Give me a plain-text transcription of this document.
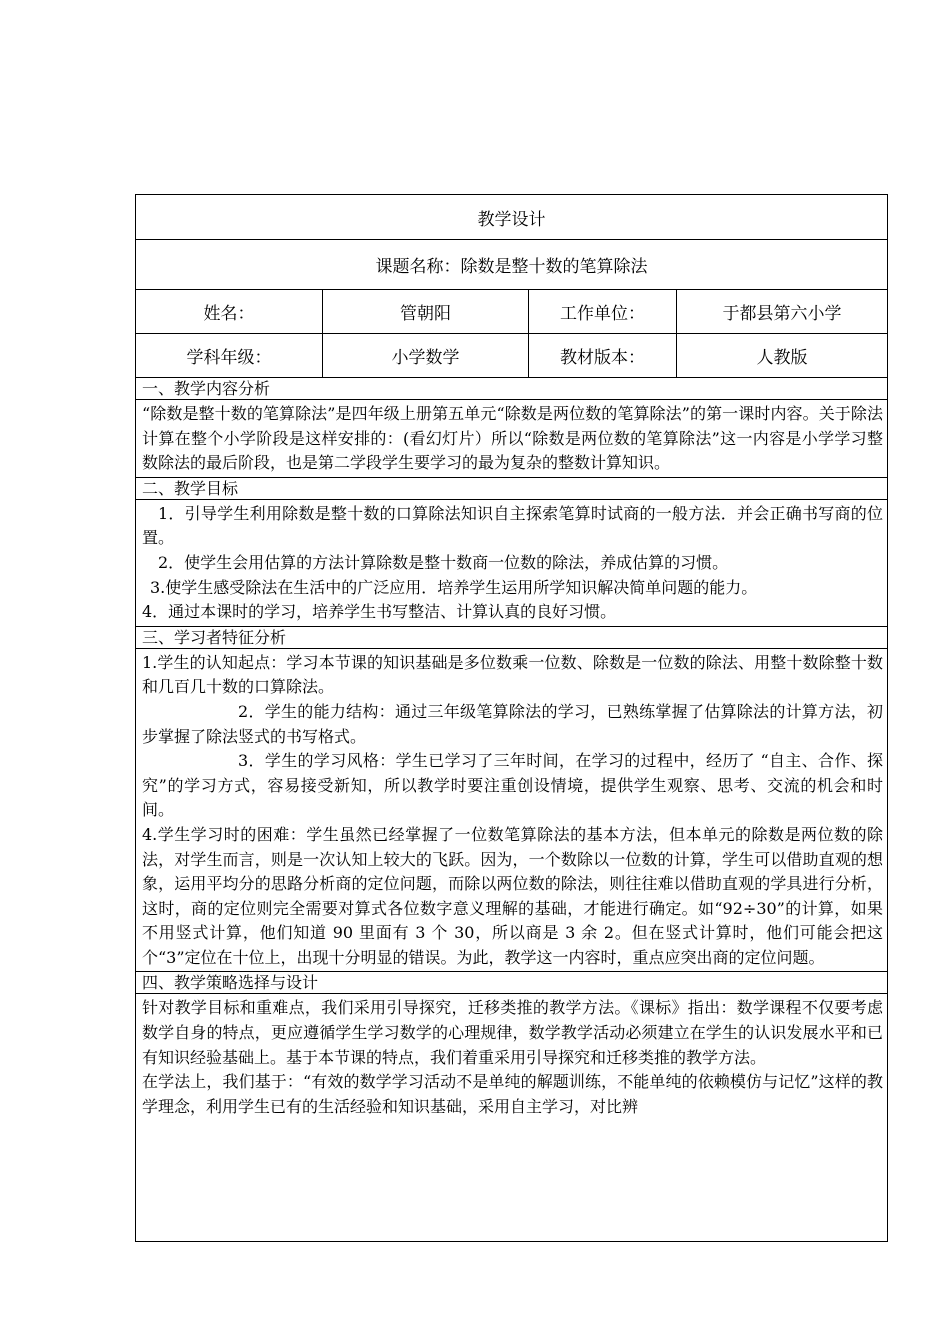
教学设计			
课题名称：除数是整十数的笔算除法			
姓名：	管朝阳	工作单位：	于都县第六小学
学科年级：	小学数学	教材版本：	人教版
一、教学内容分析			

“除数是整十数的笔算除法”是四年级上册第五单元“除数是两位数的笔算除法”的第一课时内容。关于除法计算在整个小学阶段是这样安排的：(看幻灯片）所以“除数是两位数的笔算除法”这一内容是小学学习整数除法的最后阶段，也是第二学段学生要学习的最为复杂的整数计算知识。			

二、教学目标			

1．引导学生利用除数是整十数的口算除法知识自主探索笔算时试商的一般方法．并会正确书写商的位置。

2．使学生会用估算的方法计算除数是整十数商一位数的除法，养成估算的习惯。

3.使学生感受除法在生活中的广泛应用．培养学生运用所学知识解决简单问题的能力。

4．通过本课时的学习，培养学生书写整洁、计算认真的良好习惯。			

三、学习者特征分析			

1.学生的认知起点：学习本节课的知识基础是多位数乘一位数、除数是一位数的除法、用整十数除整十数和几百几十数的口算除法。

2．学生的能力结构：通过三年级笔算除法的学习，已熟练掌握了估算除法的计算方法，初步掌握了除法竖式的书写格式。

3．学生的学习风格：学生已学习了三年时间，在学习的过程中，经历了 “自主、合作、探究”的学习方式，容易接受新知，所以教学时要注重创设情境，提供学生观察、思考、交流的机会和时间。

4.学生学习时的困难：学生虽然已经掌握了一位数笔算除法的基本方法，但本单元的除数是两位数的除法，对学生而言，则是一次认知上较大的飞跃。因为，一个数除以一位数的计算，学生可以借助直观的想象，运用平均分的思路分析商的定位问题，而除以两位数的除法，则往往难以借助直观的学具进行分析，这时，商的定位则完全需要对算式各位数字意义理解的基础，才能进行确定。如“92÷30”的计算，如果不用竖式计算，他们知道 90 里面有 3 个 30，所以商是 3 余 2。但在竖式计算时，他们可能会把这个“3”定位在十位上，出现十分明显的错误。为此，教学这一内容时，重点应突出商的定位问题。			

四、教学策略选择与设计			

针对教学目标和重难点，我们采用引导探究，迁移类推的教学方法。《课标》指出：数学课程不仅要考虑数学自身的特点，更应遵循学生学习数学的心理规律，数学教学活动必须建立在学生的认识发展水平和已有知识经验基础上。基于本节课的特点，我们着重采用引导探究和迁移类推的教学方法。

在学法上，我们基于：“有效的数学学习活动不是单纯的解题训练，不能单纯的依赖模仿与记忆”这样的教学理念，利用学生已有的生活经验和知识基础，采用自主学习，对比辨			
